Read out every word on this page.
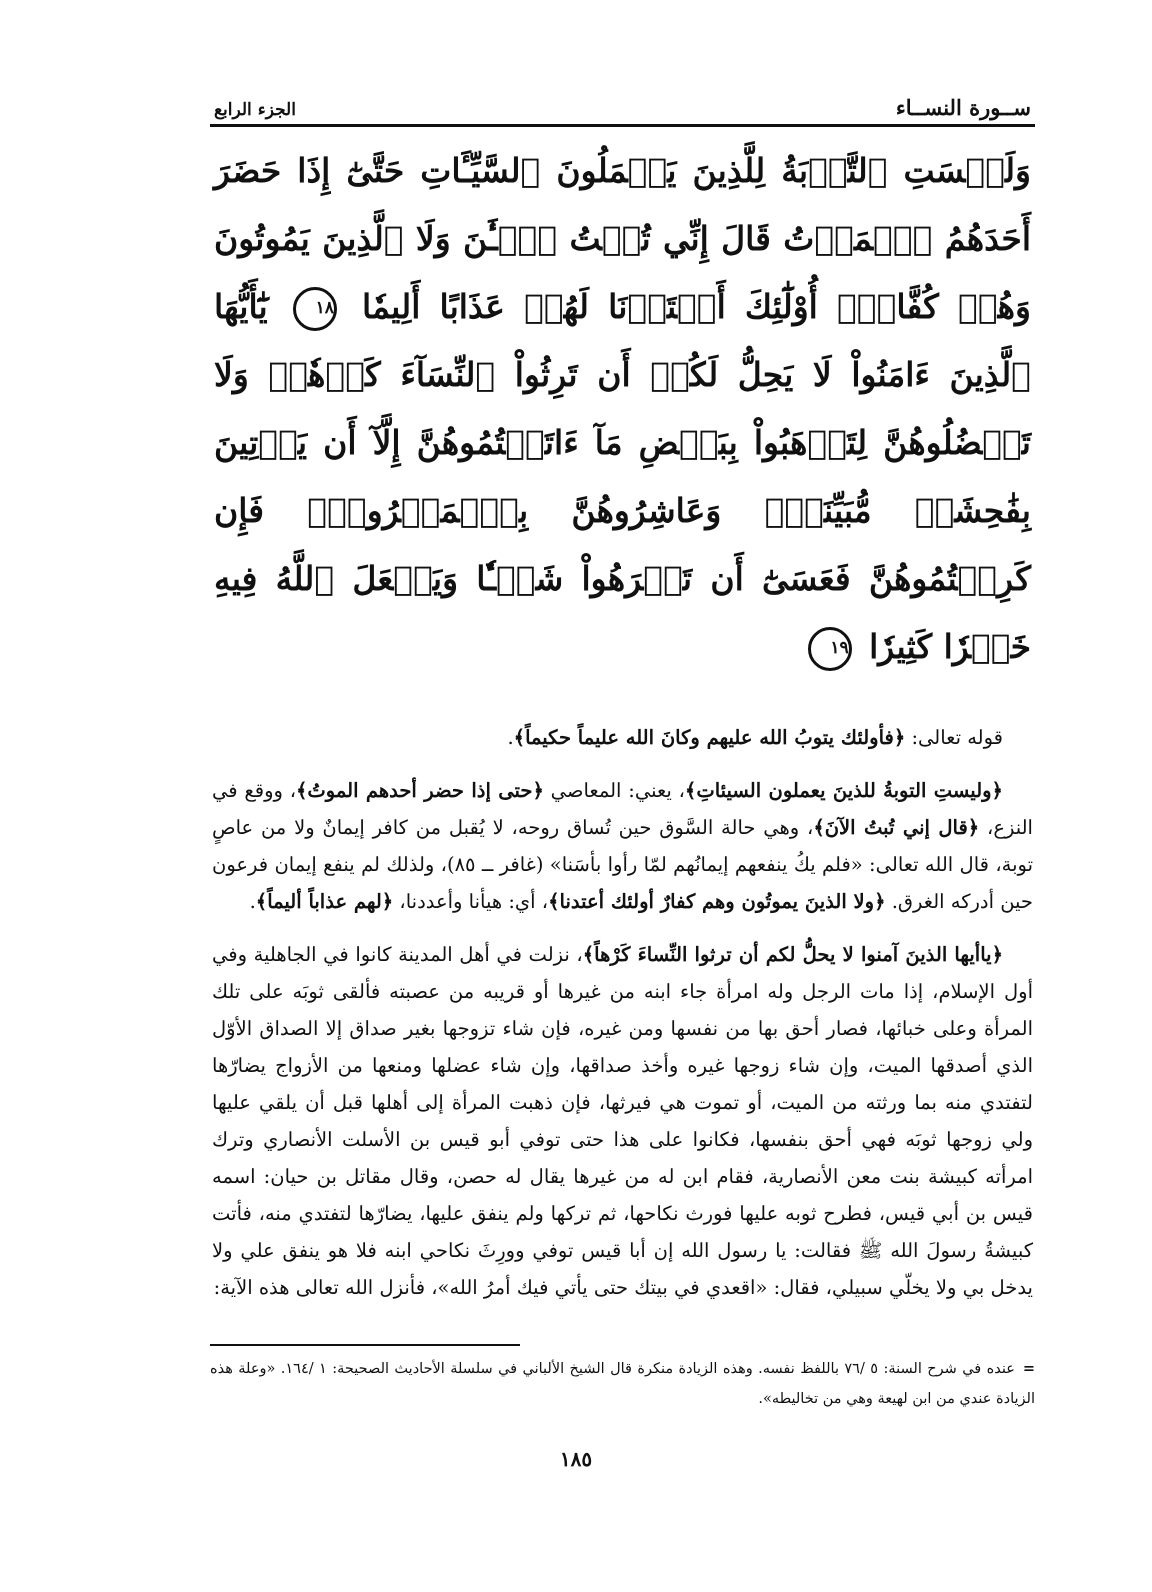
ســورة النســاء
الجزء الرابع
وَلَيۡسَتِ ٱلتَّوۡبَةُ لِلَّذِينَ يَعۡمَلُونَ ٱلسَّيِّـَٔاتِ حَتَّىٰٓ إِذَا حَضَرَ أَحَدَهُمُ ٱلۡمَوۡتُ قَالَ إِنِّي تُبۡتُ ٱلۡـَٰٔنَ وَلَا ٱلَّذِينَ يَمُوتُونَ وَهُمۡ كُفَّارٌۚ أُوْلَٰٓئِكَ أَعۡتَدۡنَا لَهُمۡ عَذَابًا أَلِيمٗا ١٨ يَٰٓأَيُّهَا ٱلَّذِينَ ءَامَنُواْ لَا يَحِلُّ لَكُمۡ أَن تَرِثُواْ ٱلنِّسَآءَ كَرۡهٗاۖ وَلَا تَعۡضُلُوهُنَّ لِتَذۡهَبُواْ بِبَعۡضِ مَآ ءَاتَيۡتُمُوهُنَّ إِلَّآ أَن يَأۡتِينَ بِفَٰحِشَةٖ مُّبَيِّنَةٖۚ وَعَاشِرُوهُنَّ بِٱلۡمَعۡرُوفِۚ فَإِن كَرِهۡتُمُوهُنَّ فَعَسَىٰٓ أَن تَكۡرَهُواْ شَيۡـٔٗا وَيَجۡعَلَ ٱللَّهُ فِيهِ خَيۡرٗا كَثِيرٗا ١٩

قوله تعالى: ﴿فأولئك يتوبُ الله عليهم وكانَ الله عليماً حكيماً﴾.

﴿وليستِ التوبةُ للذينَ يعملون السيئاتِ﴾، يعني: المعاصي ﴿حتى إذا حضر أحدهم الموتُ﴾، ووقع في النزع، ﴿قال إني تُبتُ الآنَ﴾، وهي حالة السَّوق حين تُساق روحه، لا يُقبل من كافر إيمانٌ ولا من عاصٍ توبة، قال الله تعالى: «فلم يكُ ينفعهم إيمانُهم لمّا رأوا بأسَنا» (غافر ــ ٨٥)، ولذلك لم ينفع إيمان فرعون حين أدركه الغرق. ﴿ولا الذينَ يموتُون وهم كفارٌ أولئك أعتدنا﴾، أي: هيأنا وأعددنا، ﴿لهم عذاباً أليماً﴾.

﴿ياأيها الذينَ آمنوا لا يحلُّ لكم أن ترثوا النِّساءَ كَرْهاً﴾، نزلت في أهل المدينة كانوا في الجاهلية وفي أول الإسلام، إذا مات الرجل وله امرأة جاء ابنه من غيرها أو قريبه من عصبته فألقى ثوبَه على تلك المرأة وعلى خبائها، فصار أحق بها من نفسها ومن غيره، فإن شاء تزوجها بغير صداق إلا الصداق الأوّل الذي أصدقها الميت، وإن شاء زوجها غيره وأخذ صداقها، وإن شاء عضلها ومنعها من الأزواج يضارّها لتفتدي منه بما ورثته من الميت، أو تموت هي فيرثها، فإن ذهبت المرأة إلى أهلها قبل أن يلقي عليها ولي زوجها ثوبَه فهي أحق بنفسها، فكانوا على هذا حتى توفي أبو قيس بن الأسلت الأنصاري وترك امرأته كبيشة بنت معن الأنصارية، فقام ابن له من غيرها يقال له حصن، وقال مقاتل بن حيان: اسمه قيس بن أبي قيس، فطرح ثوبه عليها فورث نكاحها، ثم تركها ولم ينفق عليها، يضارّها لتفتدي منه، فأتت كبيشةُ رسولَ الله ﷺ فقالت: يا رسول الله إن أبا قيس توفي وورِثَ نكاحي ابنه فلا هو ينفق علي ولا يدخل بي ولا يخلّي سبيلي، فقال: «اقعدي في بيتك حتى يأتي فيك أمرُ الله»، فأنزل الله تعالى هذه الآية:

=عنده في شرح السنة: ٥ /٧٦ باللفظ نفسه. وهذه الزيادة منكرة قال الشيخ الألباني في سلسلة الأحاديث الصحيحة: ١ /١٦٤. «وعلة هذه الزيادة عندي من ابن لهيعة وهي من تخاليطه».
١٨٥
